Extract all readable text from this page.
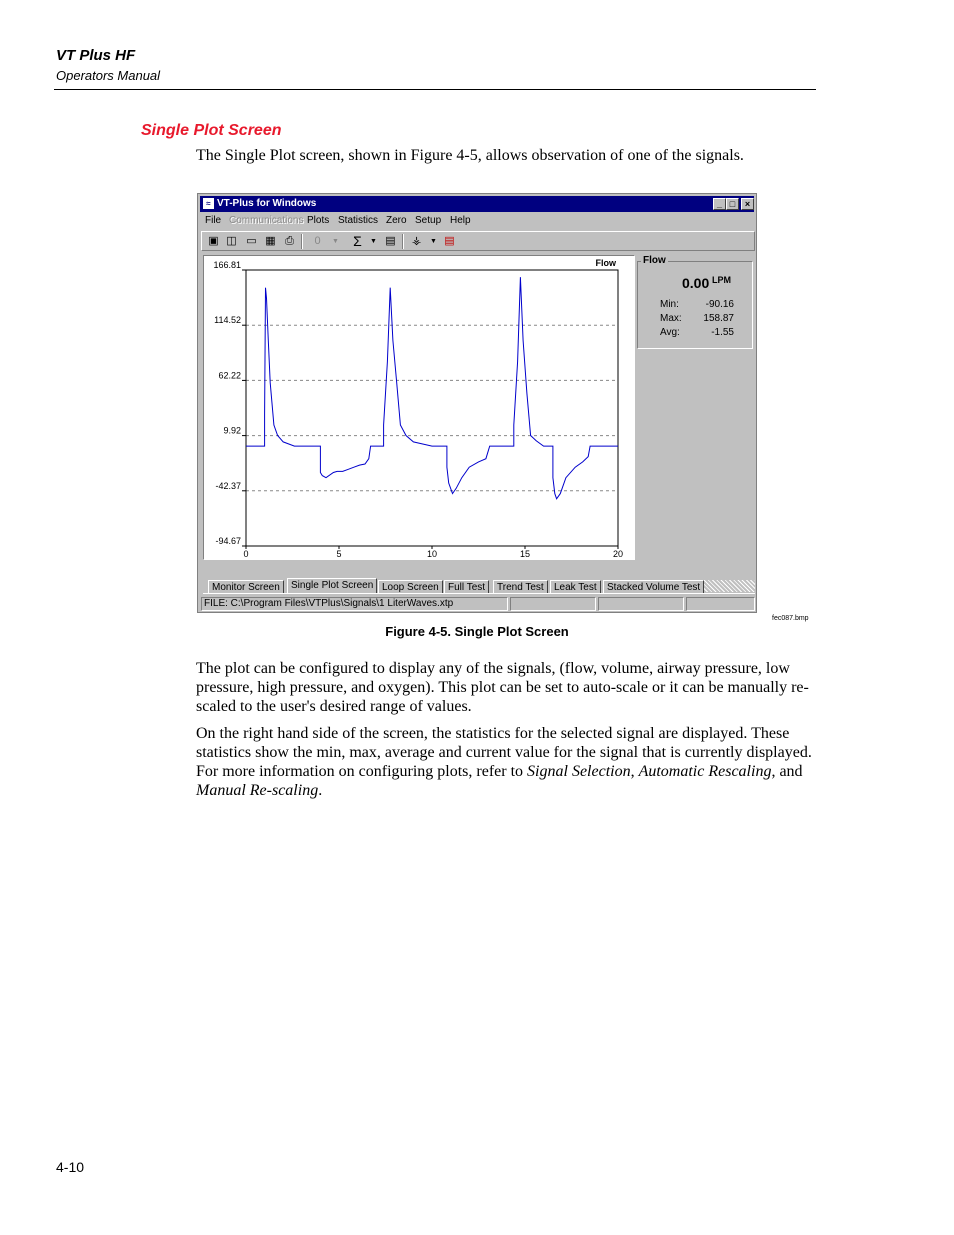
VT Plus HF
Operators Manual
Single Plot Screen
The Single Plot screen, shown in Figure 4-5, allows observation of one of the signals.
≈ VT-Plus for Windows	_ □	×
File Communications Plots Statistics Zero Setup Help
▣ ◫ ▭ ▦ ⎙	0	▼ Σ	▼ ▤ ⚶	▼ ▤
166.81
114.52
62.22
9.92
-42.37
-94.67
0	5	10	15	20
Flow	Flow
0.00 LPM
Min:	-90.16
Max: 158.87
Avg:	-1.55
Monitor Screen	Single Plot Screen Loop Screen Full Test	Trend Test	Leak Test	Stacked Volume Test
FILE: C:\Program Files\VTPlus\Signals\1 LiterWaves.xtp
fec087.bmp
Figure 4-5. Single Plot Screen
The plot can be configured to display any of the signals, (flow, volume, airway pressure, low pressure, high pressure, and oxygen). This plot can be set to auto-scale or it can be manually re-scaled to the user's desired range of values.
On the right hand side of the screen, the statistics for the selected signal are displayed. These statistics show the min, max, average and current value for the signal that is currently displayed. For more information on configuring plots, refer to Signal Selection, Automatic Rescaling, and Manual Re-scaling.
4-10
